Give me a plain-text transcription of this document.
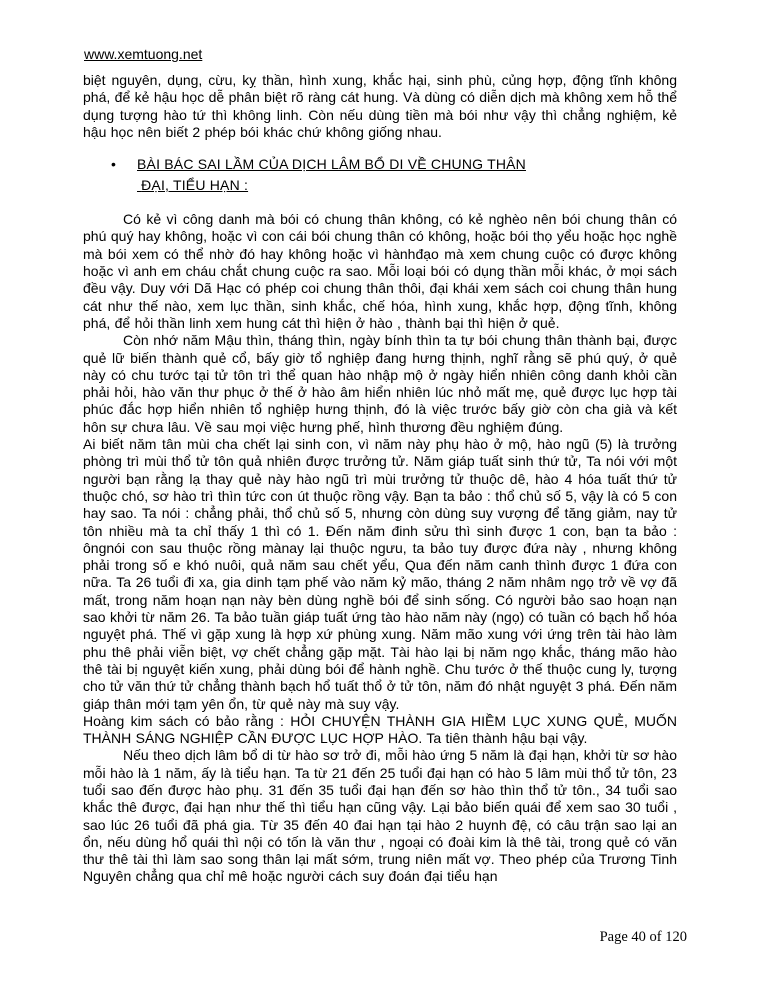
www.xemtuong.net

biệt nguyên, dụng, cừu, kỵ thần, hình xung, khắc hại, sinh phù, củng hợp, động tĩnh không phá, để kẻ hậu học dễ phân biệt rõ ràng cát hung. Và dùng có diễn dịch mà không xem hỗ thể dụng tượng hào tứ thì không linh. Còn nếu dùng tiền mà bói như vậy thì chẳng nghiệm, kẻ hậu học nên biết 2 phép bói khác chứ không giống nhau.

•	BÀI BÁC SAI LẦM CỦA DỊCH LÂM BỔ DI VỀ CHUNG THÂN
ĐẠI, TIỂU HẠN :

Có kẻ vì công danh mà bói có chung thân không, có kẻ nghèo nên bói chung thân có phú quý hay không, hoặc vì con cái bói chung thân có không, hoặc bói thọ yểu hoặc học nghề mà bói xem có thể nhờ đó hay không hoặc vì hànhđạo mà xem chung cuộc có được không hoặc vì anh em cháu chắt chung cuộc ra sao. Mỗi loại bói có dụng thần mỗi khác, ở mọi sách đều vậy. Duy với Dã Hạc có phép coi chung thân thôi, đại khái xem sách coi chung thân hung cát như thế nào, xem lục thần, sinh khắc, chế hóa, hình xung, khắc hợp, động tĩnh, không phá, để hỏi thần linh xem hung cát thì hiện ở hào , thành bại thì hiện ở quẻ.

Còn nhớ năm Mậu thìn, tháng thìn, ngày bính thìn ta tự bói chung thân thành bại, được quẻ lữ biến thành quẻ cổ, bấy giờ tổ nghiệp đang hưng thịnh, nghĩ rằng sẽ phú quý, ở quẻ này có chu tước tại tử tôn trì thể quan hào nhập mộ ở ngày hiển nhiên công danh khỏi cần phải hỏi, hào văn thư phục ở thế ở hào âm hiển nhiên lúc nhỏ mất mẹ, quẻ được lục hợp tài phúc đắc hợp hiển nhiên tổ nghiệp hưng thịnh, đó là việc trước bấy giờ còn cha già và kết hôn sự chưa lâu. Về sau mọi việc hưng phế, hình thương đều nghiệm đúng.

Ai biết năm tân mùi cha chết lại sinh con, vì năm này phụ hào ở mộ, hào ngũ (5) là trưởng phòng trì mùi thổ tử tôn quả nhiên được trưởng tử. Năm giáp tuất sinh thứ tử, Ta nói với một người bạn rằng lạ thay quẻ này hào ngũ trì mùi trưởng tử thuộc dê, hào 4 hóa tuất thứ tử thuộc chó, sơ hào trì thìn tức con út thuộc rồng vậy. Bạn ta bảo : thổ chủ số 5, vậy là có 5 con hay sao. Ta nói : chẳng phải, thổ chủ số 5, nhưng còn dùng suy vượng để tăng giảm, nay tử tôn nhiều mà ta chỉ thấy 1 thì có 1. Đến năm đinh sửu thì sinh được 1 con, bạn ta bảo : ôngnói con sau thuộc rồng mànay lại thuộc ngưu, ta bảo tuy được đứa này , nhưng không phải trong số e khó nuôi, quả năm sau chết yểu, Qua đến năm canh thình được 1 đứa con nữa. Ta 26 tuổi đi xa, gia dinh tạm phế vào năm kỷ mão, tháng 2 năm nhâm ngọ trở về vợ đã mất, trong năm hoạn nạn này bèn dùng nghề bói để sinh sống. Có người bảo sao hoạn nạn sao khởi từ năm 26. Ta bảo tuần giáp tuất ứng tào hào năm này (ngọ) có tuần có bạch hổ hóa nguyệt phá. Thế vì gặp xung là hợp xứ phùng xung. Năm mão xung với ứng trên tài hào làm phu thê phải viễn biệt, vợ chết chẳng gặp mặt. Tài hào lại bị năm ngọ khắc, tháng mão hào thê tài bị nguyệt kiến xung, phải dùng bói để hành nghề. Chu tước ở thế thuộc cung ly, tượng cho tử văn thứ tử chẳng thành bạch hổ tuất thổ ở tử tôn, năm đó nhật nguyệt 3 phá. Đến năm giáp thân mới tạm yên ổn, từ quẻ này mà suy vậy.

Hoàng kim sách có bảo rằng : HỎI CHUYỆN THÀNH GIA HIỀM LỤC XUNG QUẺ, MUỐN THÀNH SÁNG NGHIỆP CẦN ĐƯỢC LỤC HỢP HÀO. Ta tiên thành hậu bại vậy.

Nếu theo dịch lâm bổ di từ hào sơ trở đi, mỗi hào ứng 5 năm là đại hạn, khởi từ sơ hào mỗi hào là 1 năm, ấy là tiểu hạn. Ta từ 21 đến 25 tuổi đại hạn có hào 5 lâm mùi thổ tử tôn, 23 tuổi sao đến được hào phụ. 31 đến 35 tuổi đại hạn đến sơ hào thìn thổ tử tôn., 34 tuổi sao khắc thê được, đại hạn như thế thì tiểu hạn cũng vậy. Lại bảo biến quái để xem sao 30 tuổi , sao lúc 26 tuổi đã phá gia. Từ 35 đến 40 đai hạn tại hào 2 huynh đệ, có câu trận sao lại an ổn, nếu dùng hổ quái thì nội có tốn là văn thư , ngoại có đoài kim là thê tài, trong quẻ có văn thư thê tài thì làm sao song thân lại mất sớm, trung niên mất vợ. Theo phép của Trương Tinh Nguyên chẳng qua chỉ mê hoặc người cách suy đoán đại tiểu hạn

Page 40 of 120
